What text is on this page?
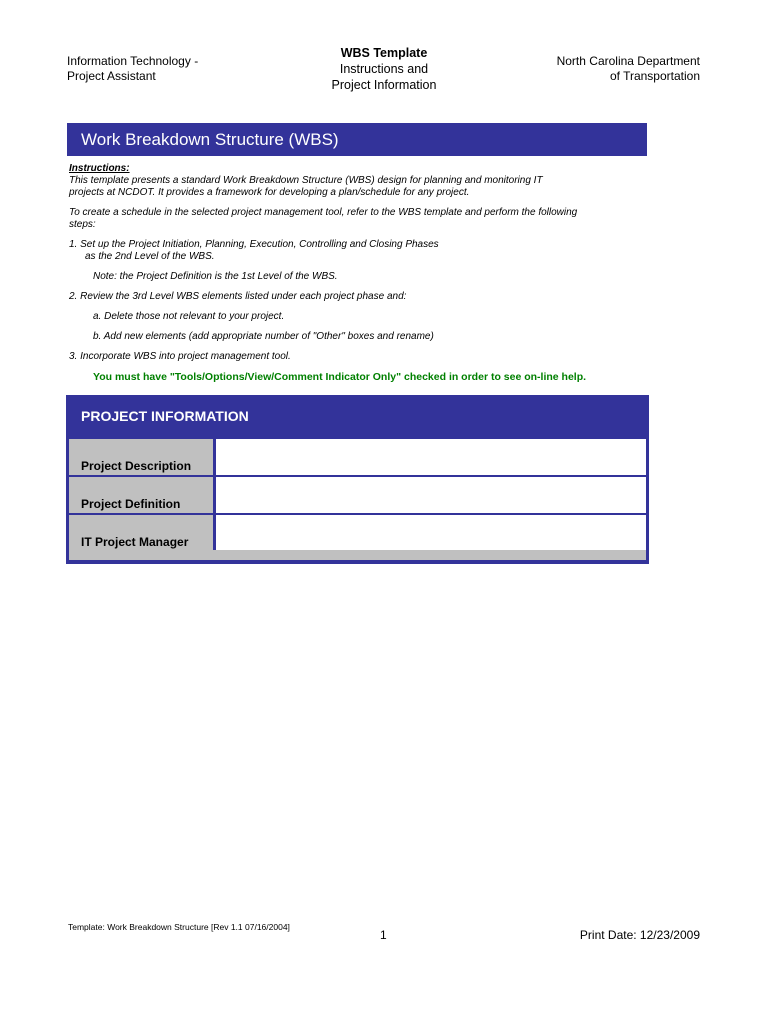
Information Technology -
Project Assistant
WBS Template
Instructions and
Project Information
North Carolina Department
of Transportation
Work Breakdown Structure (WBS)

Instructions:

This template presents a standard Work Breakdown Structure (WBS) design for planning and monitoring IT

projects at NCDOT. It provides a framework for developing a plan/schedule for any project.

To create a schedule in the selected project management tool, refer to the WBS template and perform the following

steps:

1. Set up the Project Initiation, Planning, Execution, Controlling and Closing Phases

as the 2nd Level of the WBS.

Note: the Project Definition is the 1st Level of the WBS.

2. Review the 3rd Level WBS elements listed under each project phase and:

a. Delete those not relevant to your project.

b. Add new elements (add appropriate number of "Other" boxes and rename)

3. Incorporate WBS into project management tool.

You must have "Tools/Options/View/Comment Indicator Only" checked in order to see on-line help.

PROJECT INFORMATION
Project Description
Project Definition
IT Project Manager
Template: Work Breakdown Structure [Rev 1.1 07/16/2004]
1	Print Date: 12/23/2009
